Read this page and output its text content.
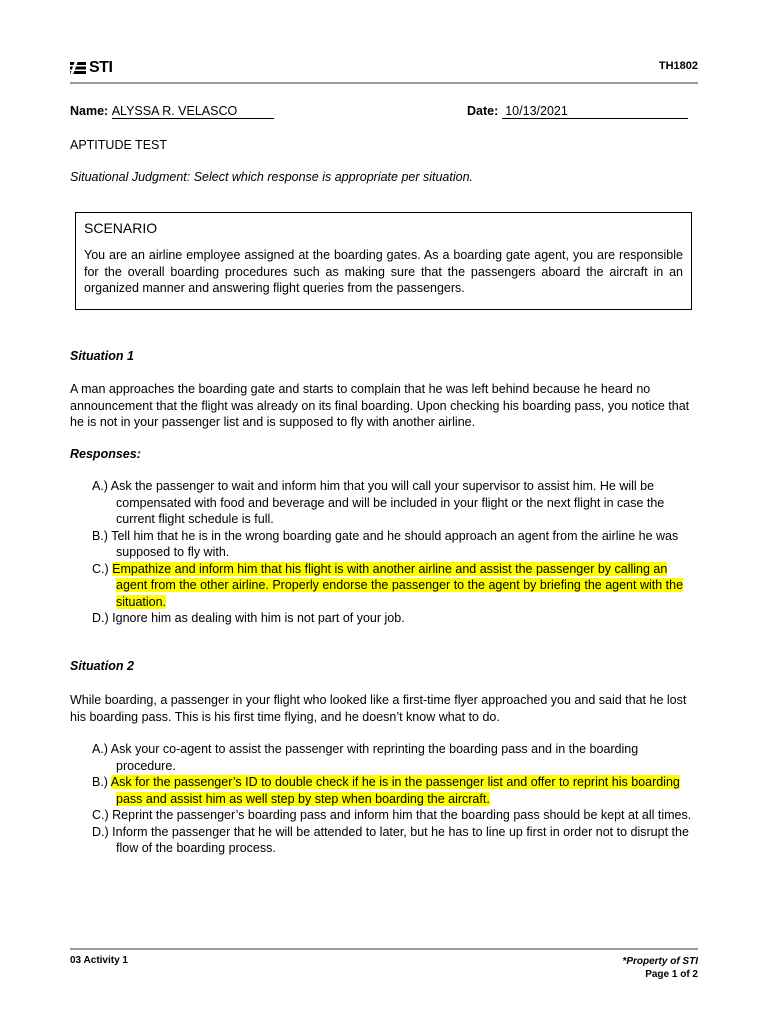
STI	TH1802
Name: ALYSSA R. VELASCO	Date: 10/13/2021
APTITUDE TEST
Situational Judgment: Select which response is appropriate per situation.
SCENARIO
You are an airline employee assigned at the boarding gates. As a boarding gate agent, you are responsible for the overall boarding procedures such as making sure that the passengers aboard the aircraft in an organized manner and answering flight queries from the passengers.
Situation 1
A man approaches the boarding gate and starts to complain that he was left behind because he heard no announcement that the flight was already on its final boarding. Upon checking his boarding pass, you notice that he is not in your passenger list and is supposed to fly with another airline.
Responses:
A.) Ask the passenger to wait and inform him that you will call your supervisor to assist him. He will be compensated with food and beverage and will be included in your flight or the next flight in case the current flight schedule is full.
B.) Tell him that he is in the wrong boarding gate and he should approach an agent from the airline he was supposed to fly with.
C.) Empathize and inform him that his flight is with another airline and assist the passenger by calling an agent from the other airline. Properly endorse the passenger to the agent by briefing the agent with the situation.
D.) Ignore him as dealing with him is not part of your job.
Situation 2
While boarding, a passenger in your flight who looked like a first-time flyer approached you and said that he lost his boarding pass. This is his first time flying, and he doesn’t know what to do.
A.) Ask your co-agent to assist the passenger with reprinting the boarding pass and in the boarding procedure.
B.) Ask for the passenger’s ID to double check if he is in the passenger list and offer to reprint his boarding pass and assist him as well step by step when boarding the aircraft.
C.) Reprint the passenger’s boarding pass and inform him that the boarding pass should be kept at all times.
D.) Inform the passenger that he will be attended to later, but he has to line up first in order not to disrupt the flow of the boarding process.
03 Activity 1	*Property of STI
Page 1 of 2
